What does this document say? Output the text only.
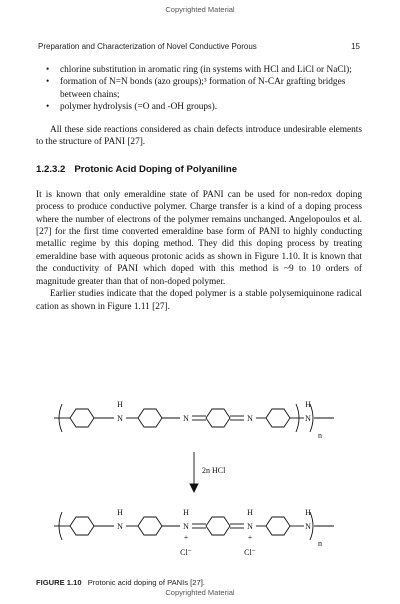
Copyrighted Material
Preparation and Characterization of Novel Conductive Porous	15
• chlorine substitution in aromatic ring (in systems with HCl and LiCl or NaCl);
• formation of N=N bonds (azo groups);³ formation of N-CAr grafting bridges between chains;
• polymer hydrolysis (=O and -OH groups).

All these side reactions considered as chain defects introduce undesirable elements to the structure of PANI [27].

1.2.3.2 Protonic Acid Doping of Polyaniline

It is known that only emeraldine state of PANI can be used for non-redox doping process to produce conductive polymer. Charge transfer is a kind of a doping process where the number of electrons of the polymer remains unchanged. Angelopoulos et al. [27] for the first time converted emeraldine base form of PANI to highly conducting metallic regime by this doping method. They did this doping process by treating emeraldine base with aqueous protonic acids as shown in Figure 1.10. It is known that the conductivity of PANI which doped with this method is ~9 to 10 orders of magnitude greater than that of non-doped polymer.

Earlier studies indicate that the doped polymer is a stable polysemiquinone radical cation as shown in Figure 1.11 [27].

N
H
N	N	N
H
n
2n HCl
N
H
N
H
+
Cl⁻
N
H
+
Cl⁻
N
H
n
FIGURE 1.10 Protonic acid doping of PANIs [27].
Copyrighted Material
